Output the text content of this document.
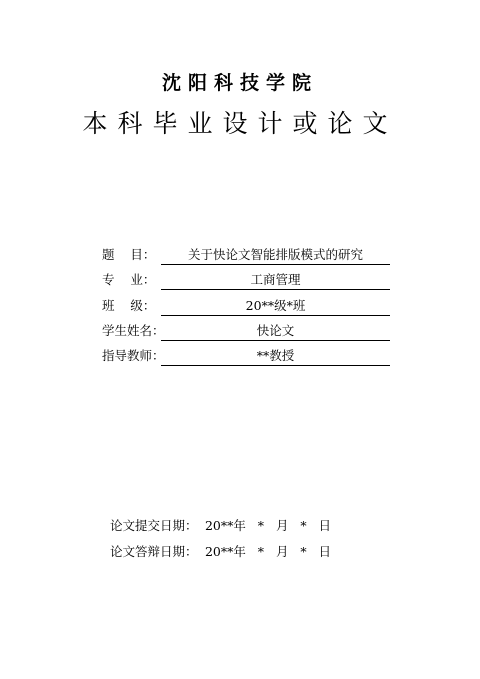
沈阳科技学院
本科毕业设计或论文
题    目：	关于快论文智能排版模式的研究
专    业：	工商管理
班    级：	20**级*班
学生姓名：	快论文
指导教师：	**教授

论文提交日期： 20**年   *   月   *   日

论文答辩日期： 20**年   *   月   *   日
